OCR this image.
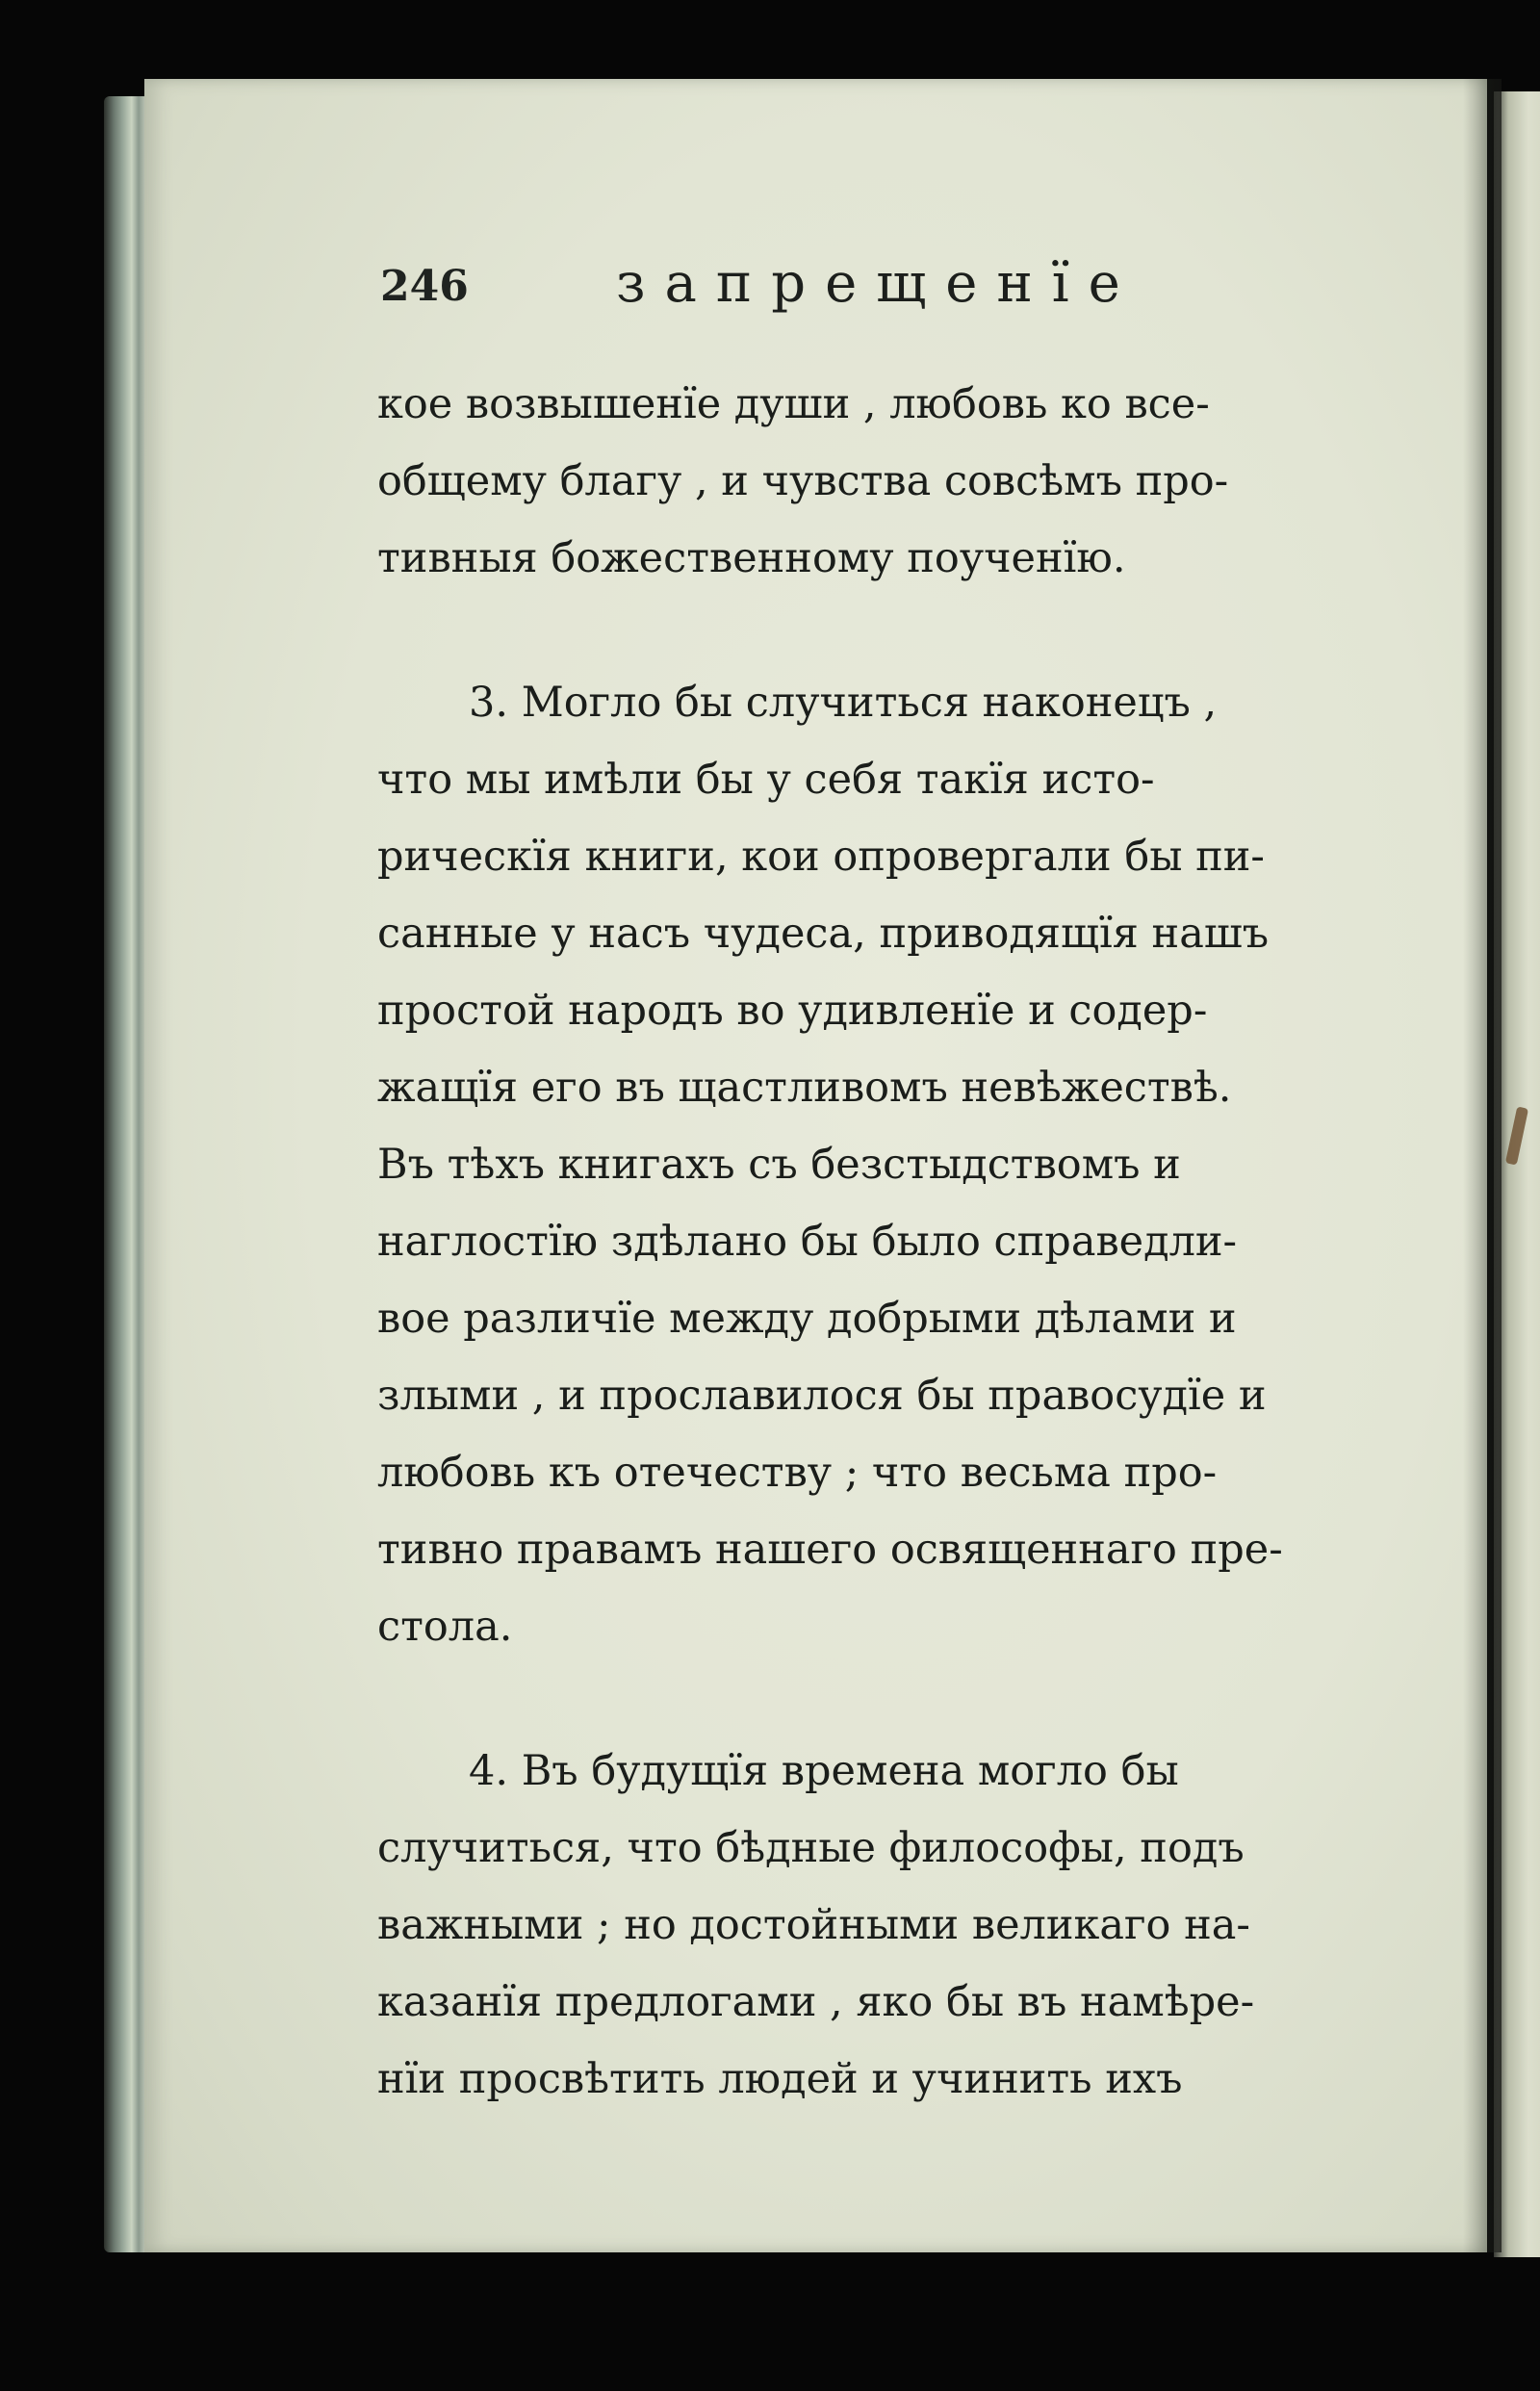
246	запрещенїе

кое возвышенїе души , любовь ко все-
общему благу , и чувства совсѣмъ про-
тивныя божественному поученїю.

3. Могло бы случиться наконецъ ,
что мы имѣли бы у себя такїя исто-
рическїя книги, кои опровергали бы пи-
санные у насъ чудеса, приводящїя нашъ
простой народъ во удивленїе и содер-
жащїя его въ щастливомъ невѣжествѣ.
Въ тѣхъ книгахъ съ безстыдствомъ и
наглостїю здѣлано бы было справедли-
вое различїе между добрыми дѣлами и
злыми , и прославилося бы правосудїе и
любовь къ отечеству ; что весьма про-
тивно правамъ нашего освященнаго пре-
стола.

4. Въ будущїя времена могло бы
случиться, что бѣдные философы, подъ
важными ; но достойными великаго на-
казанїя предлогами , яко бы въ намѣре-
нїи просвѣтить людей и учинить ихъ
